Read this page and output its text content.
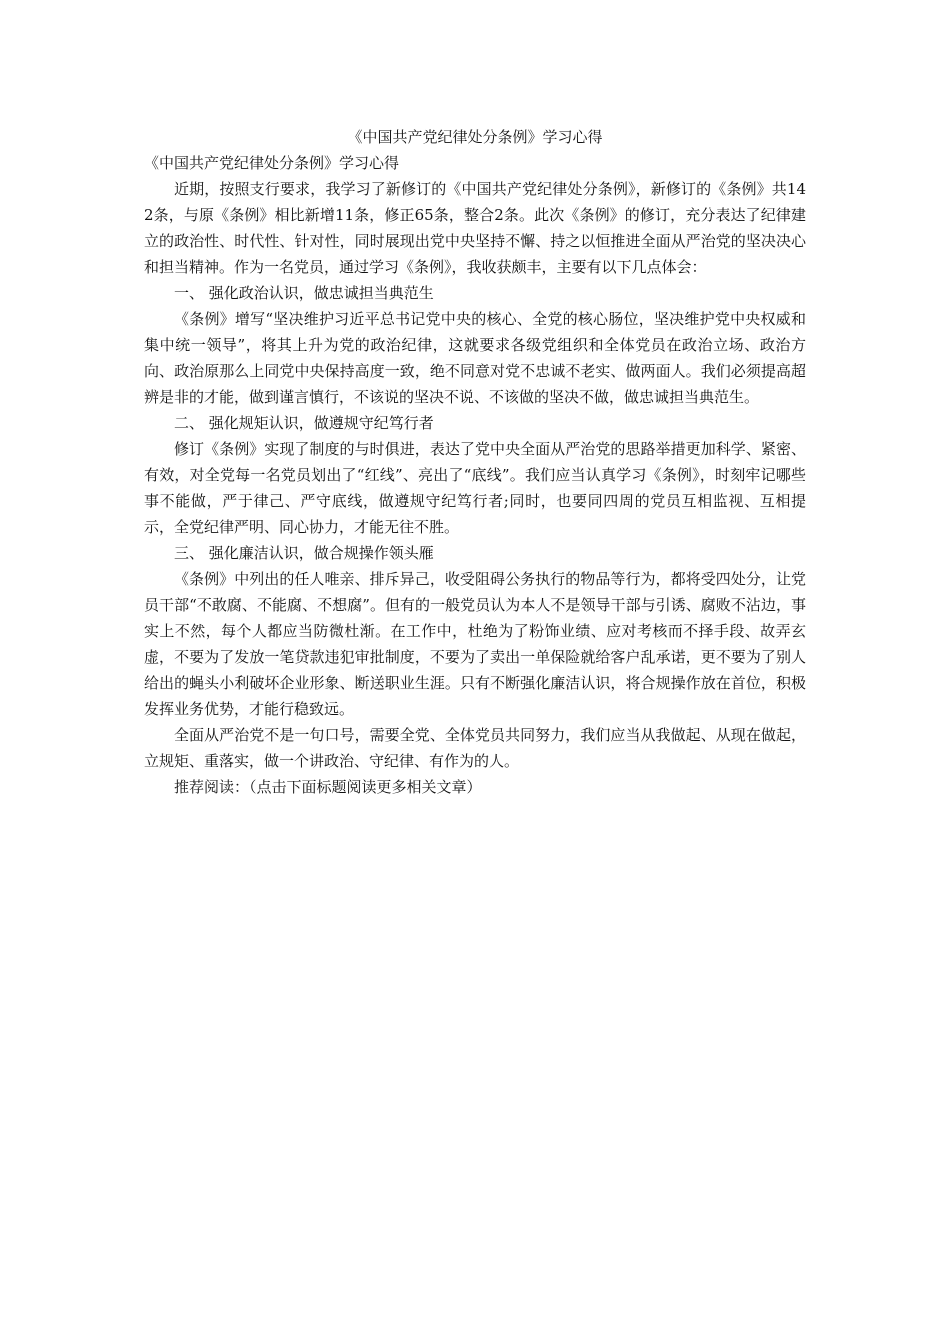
《中国共产党纪律处分条例》学习心得

《中国共产党纪律处分条例》学习心得

近期，按照支行要求，我学习了新修订的《中国共产党纪律处分条例》，新修订的《条例》共142条，与原《条例》相比新增11条，修正65条，整合2条。此次《条例》的修订，充分表达了纪律建立的政治性、时代性、针对性，同时展现出党中央坚持不懈、持之以恒推进全面从严治党的坚决决心和担当精神。作为一名党员，通过学习《条例》，我收获颇丰，主要有以下几点体会：

一、 强化政治认识，做忠诚担当典范生

《条例》增写“坚决维护习近平总书记党中央的核心、全党的核心肠位，坚决维护党中央权威和集中统一领导”，将其上升为党的政治纪律，这就要求各级党组织和全体党员在政治立场、政治方向、政治原那么上同党中央保持高度一致，绝不同意对党不忠诚不老实、做两面人。我们必须提高超辨是非的才能，做到谨言慎行，不该说的坚决不说、不该做的坚决不做，做忠诚担当典范生。

二、 强化规矩认识，做遵规守纪笃行者

修订《条例》实现了制度的与时俱进，表达了党中央全面从严治党的思路举措更加科学、紧密、有效，对全党每一名党员划出了“红线”、亮出了“底线”。我们应当认真学习《条例》，时刻牢记哪些事不能做，严于律己、严守底线，做遵规守纪笃行者;同时，也要同四周的党员互相监视、互相提示，全党纪律严明、同心协力，才能无往不胜。

三、 强化廉洁认识，做合规操作领头雁

《条例》中列出的任人唯亲、排斥异己，收受阻碍公务执行的物品等行为，都将受四处分，让党员干部“不敢腐、不能腐、不想腐”。但有的一般党员认为本人不是领导干部与引诱、腐败不沾边，事实上不然，每个人都应当防微杜渐。在工作中，杜绝为了粉饰业绩、应对考核而不择手段、故弄玄虚，不要为了发放一笔贷款违犯审批制度，不要为了卖出一单保险就给客户乱承诺，更不要为了别人给出的蝇头小利破坏企业形象、断送职业生涯。只有不断强化廉洁认识，将合规操作放在首位，积极发挥业务优势，才能行稳致远。

全面从严治党不是一句口号，需要全党、全体党员共同努力，我们应当从我做起、从现在做起，立规矩、重落实，做一个讲政治、守纪律、有作为的人。

推荐阅读：（点击下面标题阅读更多相关文章）
